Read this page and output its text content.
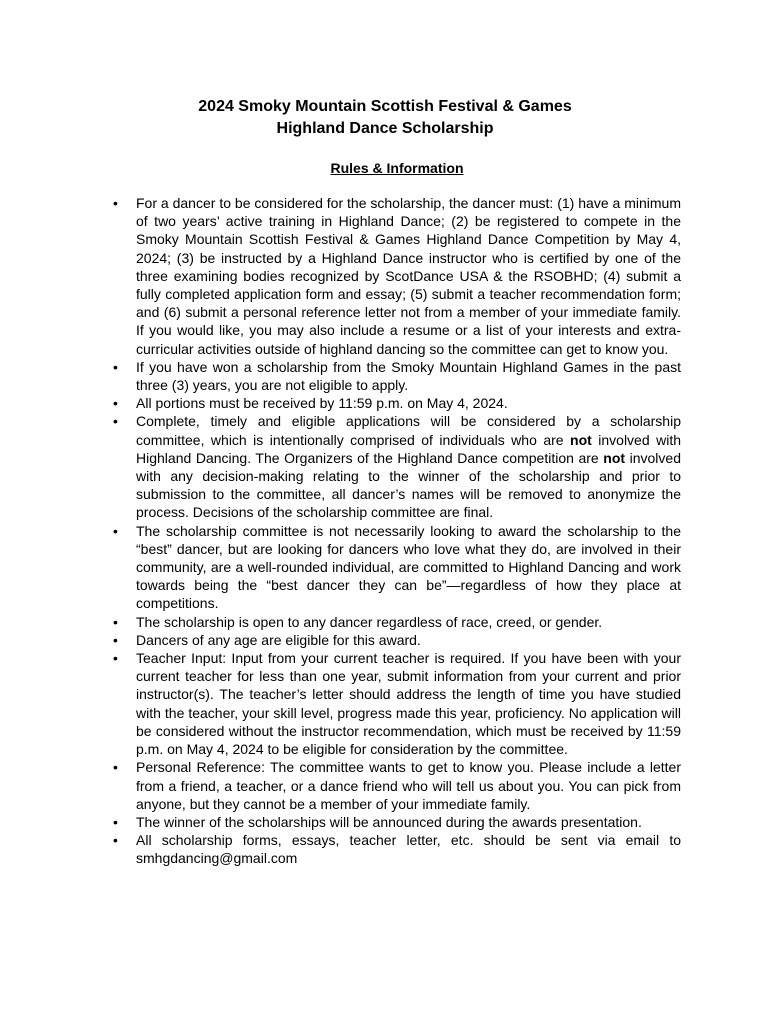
2024 Smoky Mountain Scottish Festival & Games
Highland Dance Scholarship
Rules & Information
• For a dancer to be considered for the scholarship, the dancer must: (1) have a minimum of two years’ active training in Highland Dance; (2) be registered to compete in the Smoky Mountain Scottish Festival & Games Highland Dance Competition by May 4, 2024; (3) be instructed by a Highland Dance instructor who is certified by one of the three examining bodies recognized by ScotDance USA & the RSOBHD; (4) submit a fully completed application form and essay; (5) submit a teacher recommendation form; and (6) submit a personal reference letter not from a member of your immediate family. If you would like, you may also include a resume or a list of your interests and extra-curricular activities outside of highland dancing so the committee can get to know you.
• If you have won a scholarship from the Smoky Mountain Highland Games in the past three (3) years, you are not eligible to apply.
• All portions must be received by 11:59 p.m. on May 4, 2024.
• Complete, timely and eligible applications will be considered by a scholarship committee, which is intentionally comprised of individuals who are not involved with Highland Dancing. The Organizers of the Highland Dance competition are not involved with any decision-making relating to the winner of the scholarship and prior to submission to the committee, all dancer’s names will be removed to anonymize the process. Decisions of the scholarship committee are final.
• The scholarship committee is not necessarily looking to award the scholarship to the “best” dancer, but are looking for dancers who love what they do, are involved in their community, are a well-rounded individual, are committed to Highland Dancing and work towards being the “best dancer they can be”—regardless of how they place at competitions.
• The scholarship is open to any dancer regardless of race, creed, or gender.
• Dancers of any age are eligible for this award.
• Teacher Input: Input from your current teacher is required. If you have been with your current teacher for less than one year, submit information from your current and prior instructor(s). The teacher’s letter should address the length of time you have studied with the teacher, your skill level, progress made this year, proficiency. No application will be considered without the instructor recommendation, which must be received by 11:59 p.m. on May 4, 2024 to be eligible for consideration by the committee.
• Personal Reference: The committee wants to get to know you. Please include a letter from a friend, a teacher, or a dance friend who will tell us about you. You can pick from anyone, but they cannot be a member of your immediate family.
• The winner of the scholarships will be announced during the awards presentation.
• All scholarship forms, essays, teacher letter, etc. should be sent via email to smhgdancing@gmail.com
